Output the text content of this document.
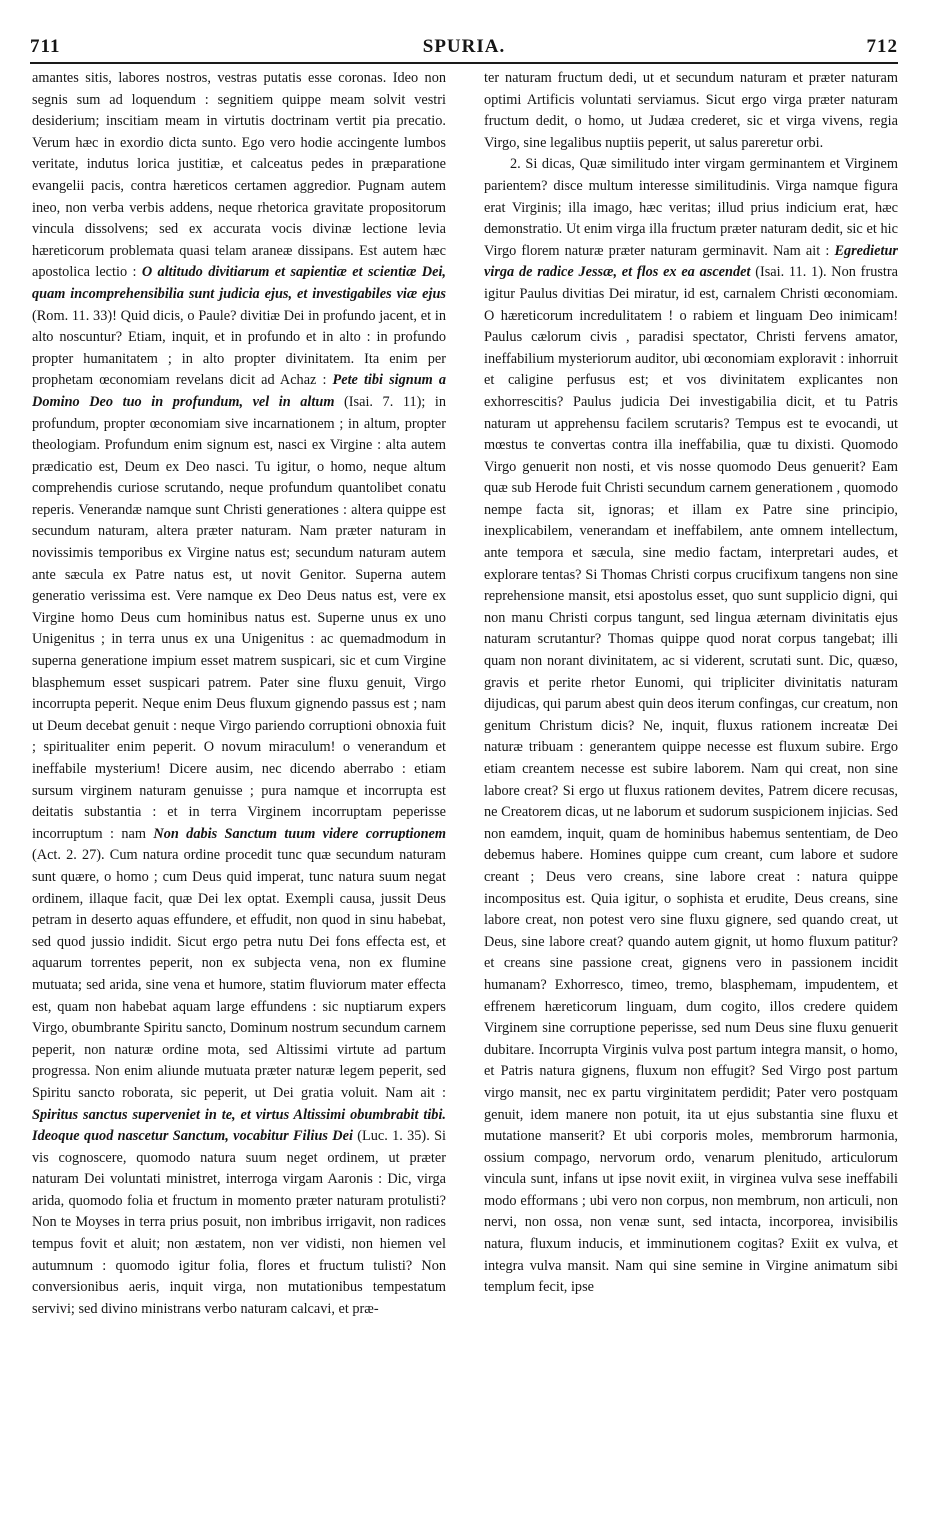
711	SPURIA.	712

amantes sitis, labores nostros, vestras putatis esse coronas. Ideo non segnis sum ad loquendum : segnitiem quippe meam solvit vestri desiderium; inscitiam meam in virtutis doctrinam vertit pia precatio. Verum hæc in exordio dicta sunto. Ego vero hodie accingente lumbos veritate, indutus lorica justitiæ, et calceatus pedes in præparatione evangelii pacis, contra hæreticos certamen aggredior. Pugnam autem ineo, non verba verbis addens, neque rhetorica gravitate propositorum vincula dissolvens; sed ex accurata vocis divinæ lectione levia hæreticorum problemata quasi telam araneæ dissipans. Est autem hæc apostolica lectio : O altitudo divitiarum et sapientiæ et scientiæ Dei, quam incomprehensibilia sunt judicia ejus, et investigabiles viæ ejus (Rom. 11. 33)! Quid dicis, o Paule? divitiæ Dei in profundo jacent, et in alto noscuntur? Etiam, inquit, et in profundo et in alto : in profundo propter humanitatem ; in alto propter divinitatem. Ita enim per prophetam œconomiam revelans dicit ad Achaz : Pete tibi signum a Domino Deo tuo in profundum, vel in altum (Isai. 7. 11); in profundum, propter œconomiam sive incarnationem ; in altum, propter theologiam. Profundum enim signum est, nasci ex Virgine : alta autem prædicatio est, Deum ex Deo nasci. Tu igitur, o homo, neque altum comprehendis curiose scrutando, neque profundum quantolibet conatu reperis. Venerandæ namque sunt Christi generationes : altera quippe est secundum naturam, altera præter naturam. Nam præter naturam in novissimis temporibus ex Virgine natus est; secundum naturam autem ante sæcula ex Patre natus est, ut novit Genitor. Superna autem generatio verissima est. Vere namque ex Deo Deus natus est, vere ex Virgine homo Deus cum hominibus natus est. Superne unus ex uno Unigenitus ; in terra unus ex una Unigenitus : ac quemadmodum in superna generatione impium esset matrem suspicari, sic et cum Virgine blasphemum esset suspicari patrem. Pater sine fluxu genuit, Virgo incorrupta peperit. Neque enim Deus fluxum gignendo passus est ; nam ut Deum decebat genuit : neque Virgo pariendo corruptioni obnoxia fuit ; spiritualiter enim peperit. O novum miraculum! o venerandum et ineffabile mysterium! Dicere ausim, nec dicendo aberrabo : etiam sursum virginem naturam genuisse ; pura namque et incorrupta est deitatis substantia : et in terra Virginem incorruptam peperisse incorruptum : nam Non dabis Sanctum tuum videre corruptionem (Act. 2. 27). Cum natura ordine procedit tunc quæ secundum naturam sunt quære, o homo ; cum Deus quid imperat, tunc natura suum negat ordinem, illaque facit, quæ Dei lex optat. Exempli causa, jussit Deus petram in deserto aquas effundere, et effudit, non quod in sinu habebat, sed quod jussio indidit. Sicut ergo petra nutu Dei fons effecta est, et aquarum torrentes peperit, non ex subjecta vena, non ex flumine mutuata; sed arida, sine vena et humore, statim fluviorum mater effecta est, quam non habebat aquam large effundens : sic nuptiarum expers Virgo, obumbrante Spiritu sancto, Dominum nostrum secundum carnem peperit, non naturæ ordine mota, sed Altissimi virtute ad partum progressa. Non enim aliunde mutuata præter naturæ legem peperit, sed Spiritu sancto roborata, sic peperit, ut Dei gratia voluit. Nam ait : Spiritus sanctus superveniet in te, et virtus Altissimi obumbrabit tibi. Ideoque quod nascetur Sanctum, vocabitur Filius Dei (Luc. 1. 35). Si vis cognoscere, quomodo natura suum neget ordinem, ut præter naturam Dei voluntati ministret, interroga virgam Aaronis : Dic, virga arida, quomodo folia et fructum in momento præter naturam protulisti? Non te Moyses in terra prius posuit, non imbribus irrigavit, non radices tempus fovit et aluit; non æstatem, non ver vidisti, non hiemen vel autumnum : quomodo igitur folia, flores et fructum tulisti? Non conversionibus aeris, inquit virga, non mutationibus tempestatum servivi; sed divino ministrans verbo naturam calcavi, et præ-

ter naturam fructum dedi, ut et secundum naturam et præter naturam optimi Artificis voluntati serviamus. Sicut ergo virga præter naturam fructum dedit, o homo, ut Judæa crederet, sic et virga vivens, regia Virgo, sine legalibus nuptiis peperit, ut salus pareretur orbi.

2. Si dicas, Quæ similitudo inter virgam germinantem et Virginem parientem? disce multum interesse similitudinis. Virga namque figura erat Virginis; illa imago, hæc veritas; illud prius indicium erat, hæc demonstratio. Ut enim virga illa fructum præter naturam dedit, sic et hic Virgo florem naturæ præter naturam germinavit. Nam ait : Egredietur virga de radice Jessæ, et flos ex ea ascendet (Isai. 11. 1). Non frustra igitur Paulus divitias Dei miratur, id est, carnalem Christi œconomiam. O hæreticorum incredulitatem ! o rabiem et linguam Deo inimicam! Paulus cælorum civis , paradisi spectator, Christi fervens amator, ineffabilium mysteriorum auditor, ubi œconomiam exploravit : inhorruit et caligine perfusus est; et vos divinitatem explicantes non exhorrescitis? Paulus judicia Dei investigabilia dicit, et tu Patris naturam ut apprehensu facilem scrutaris? Tempus est te evocandi, ut mœstus te convertas contra illa ineffabilia, quæ tu dixisti. Quomodo Virgo genuerit non nosti, et vis nosse quomodo Deus genuerit? Eam quæ sub Herode fuit Christi secundum carnem generationem , quomodo nempe facta sit, ignoras; et illam ex Patre sine principio, inexplicabilem, venerandam et ineffabilem, ante omnem intellectum, ante tempora et sæcula, sine medio factam, interpretari audes, et explorare tentas? Si Thomas Christi corpus crucifixum tangens non sine reprehensione mansit, etsi apostolus esset, quo sunt supplicio digni, qui non manu Christi corpus tangunt, sed lingua æternam divinitatis ejus naturam scrutantur? Thomas quippe quod norat corpus tangebat; illi quam non norant divinitatem, ac si viderent, scrutati sunt. Dic, quæso, gravis et perite rhetor Eunomi, qui tripliciter divinitatis naturam dijudicas, qui parum abest quin deos iterum confingas, cur creatum, non genitum Christum dicis? Ne, inquit, fluxus rationem increatæ Dei naturæ tribuam : generantem quippe necesse est fluxum subire. Ergo etiam creantem necesse est subire laborem. Nam qui creat, non sine labore creat? Si ergo ut fluxus rationem devites, Patrem dicere recusas, ne Creatorem dicas, ut ne laborum et sudorum suspicionem injicias. Sed non eamdem, inquit, quam de hominibus habemus sententiam, de Deo debemus habere. Homines quippe cum creant, cum labore et sudore creant ; Deus vero creans, sine labore creat : natura quippe incompositus est. Quia igitur, o sophista et erudite, Deus creans, sine labore creat, non potest vero sine fluxu gignere, sed quando creat, ut Deus, sine labore creat? quando autem gignit, ut homo fluxum patitur? et creans sine passione creat, gignens vero in passionem incidit humanam? Exhorresco, timeo, tremo, blasphemam, impudentem, et effrenem hæreticorum linguam, dum cogito, illos credere quidem Virginem sine corruptione peperisse, sed num Deus sine fluxu genuerit dubitare. Incorrupta Virginis vulva post partum integra mansit, o homo, et Patris natura gignens, fluxum non effugit? Sed Virgo post partum virgo mansit, nec ex partu virginitatem perdidit; Pater vero postquam genuit, idem manere non potuit, ita ut ejus substantia sine fluxu et mutatione manserit? Et ubi corporis moles, membrorum harmonia, ossium compago, nervorum ordo, venarum plenitudo, articulorum vincula sunt, infans ut ipse novit exiit, in virginea vulva sese ineffabili modo efformans ; ubi vero non corpus, non membrum, non articuli, non nervi, non ossa, non venæ sunt, sed intacta, incorporea, invisibilis natura, fluxum inducis, et imminutionem cogitas? Exiit ex vulva, et integra vulva mansit. Nam qui sine semine in Virgine animatum sibi templum fecit, ipse
